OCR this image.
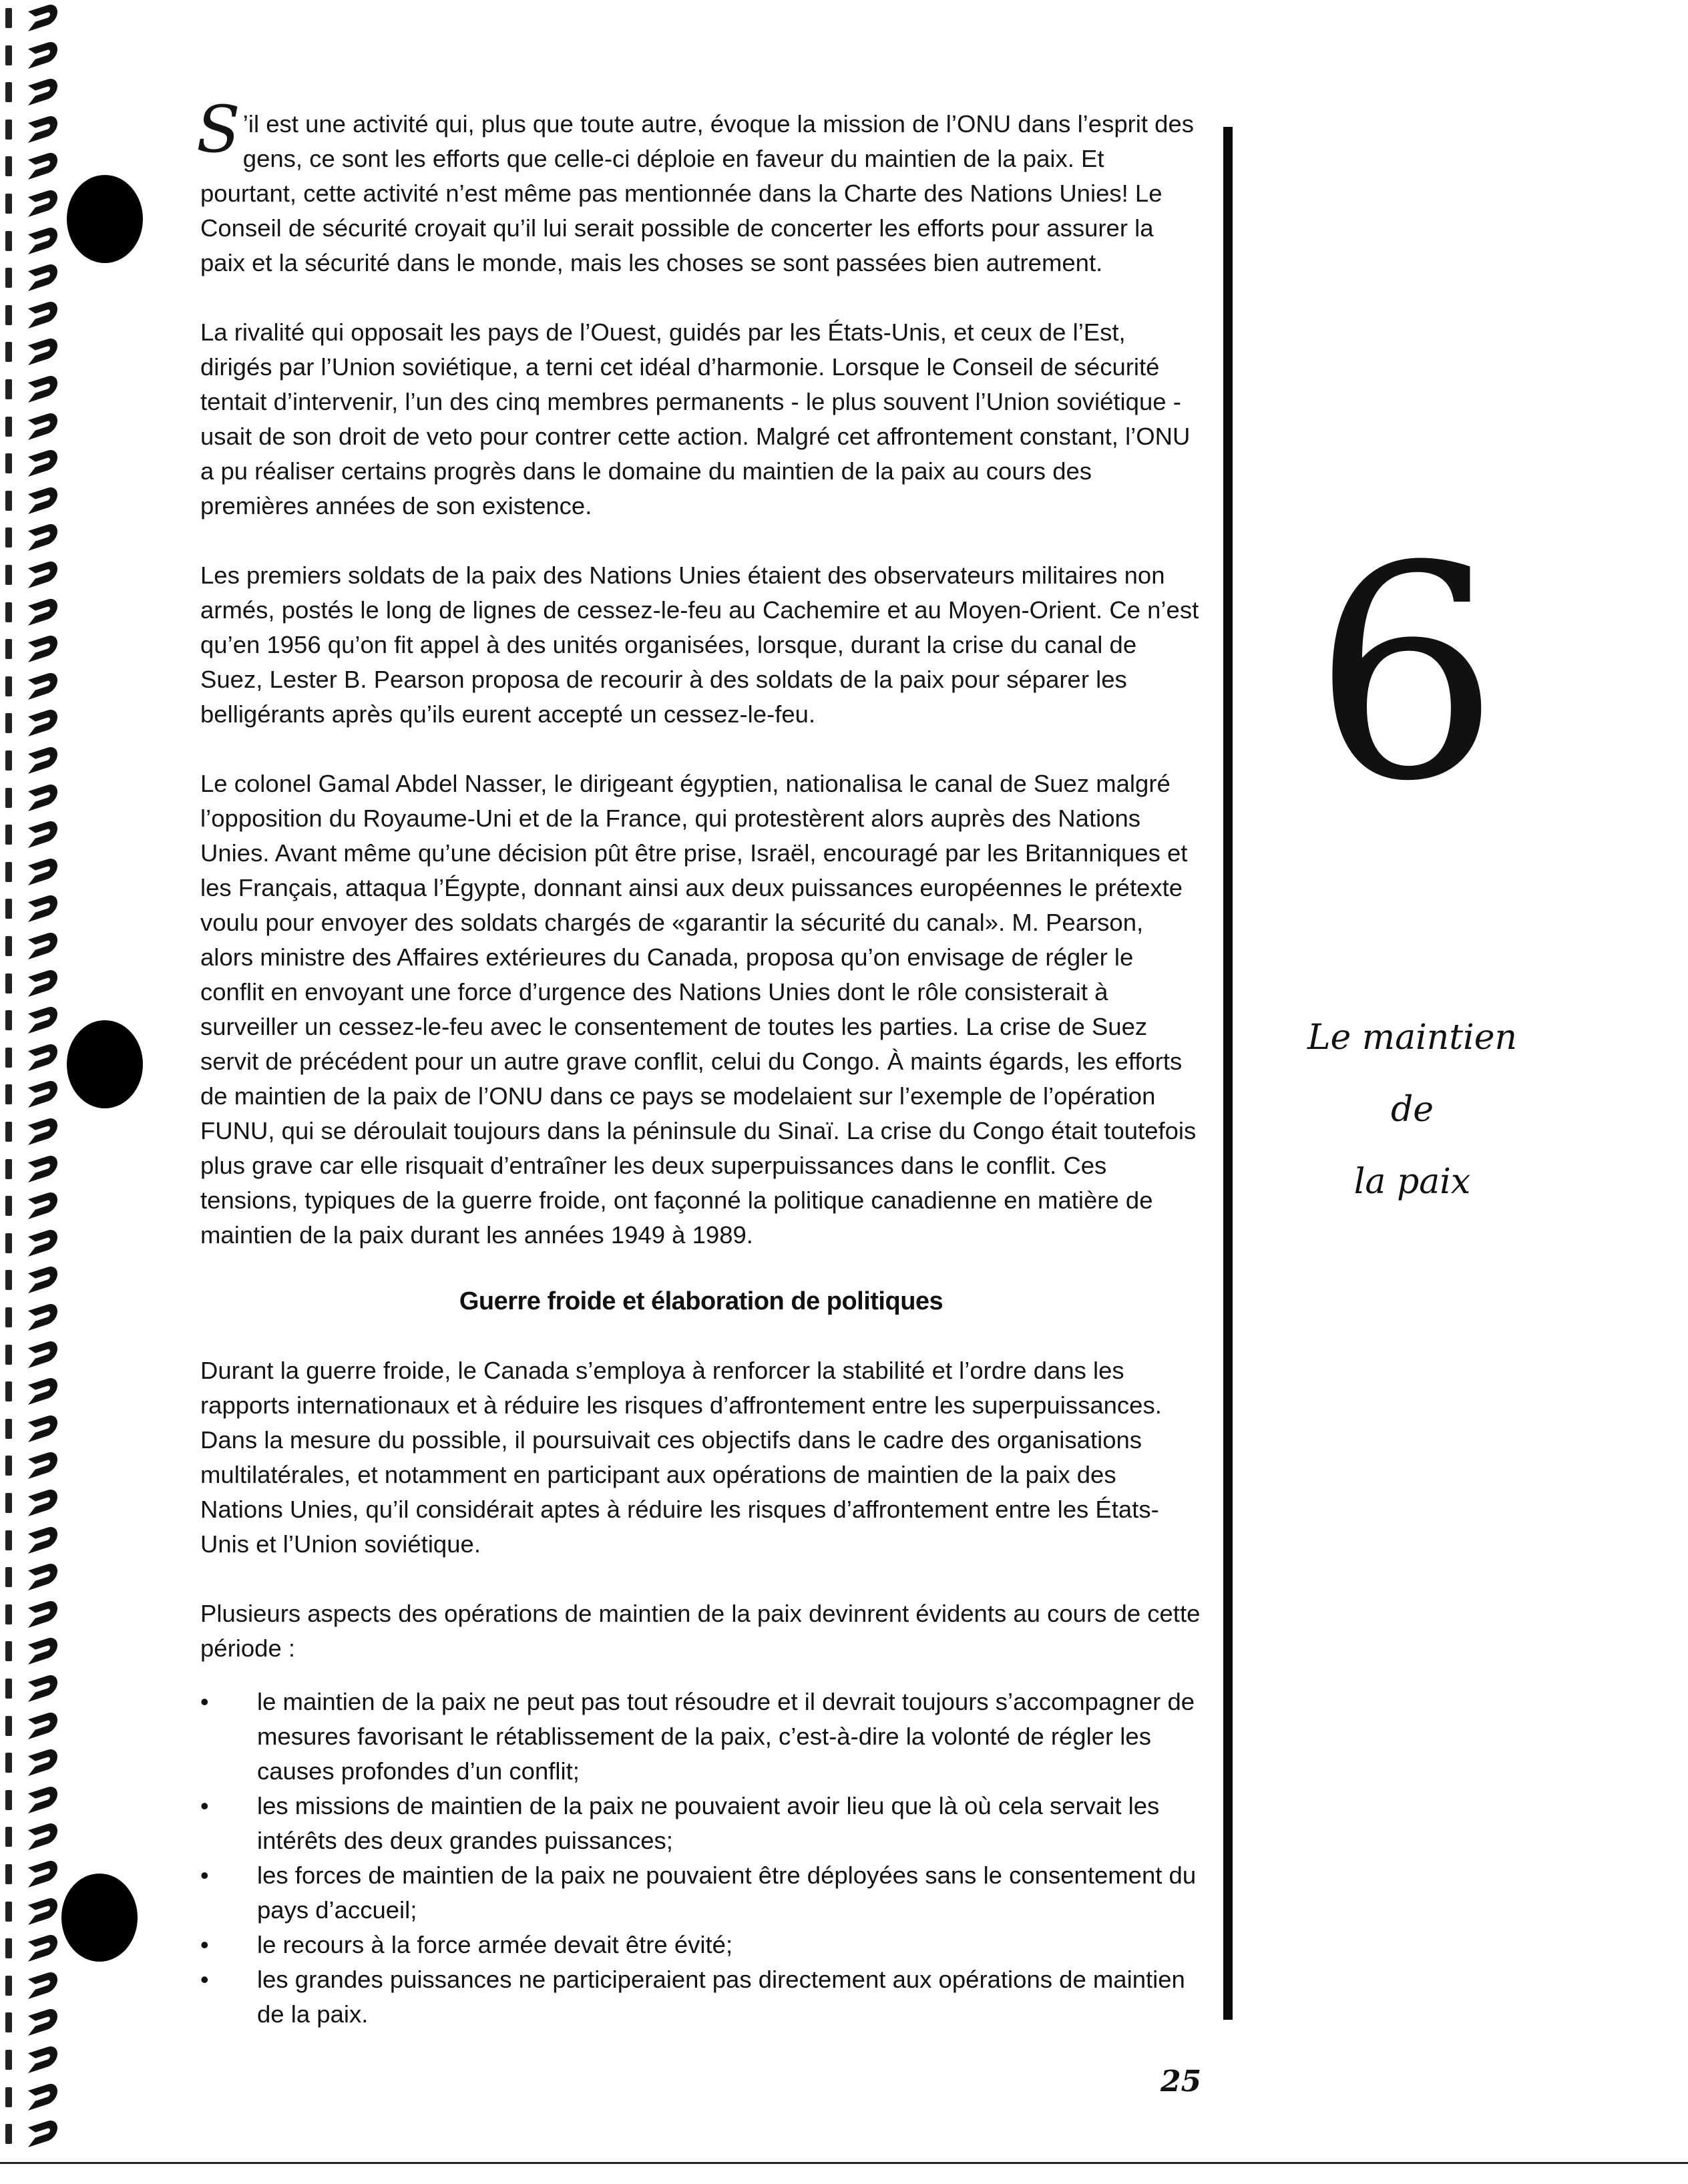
S ’il est une activité qui, plus que toute autre, évoque la mission de l’ONU dans l’esprit des gens, ce sont les efforts que celle-ci déploie en faveur du maintien de la paix. Et pourtant, cette activité n’est même pas mentionnée dans la Charte des Nations Unies! Le Conseil de sécurité croyait qu’il lui serait possible de concerter les efforts pour assurer la paix et la sécurité dans le monde, mais les choses se sont passées bien autrement.

La rivalité qui opposait les pays de l’Ouest, guidés par les États-Unis, et ceux de l’Est, dirigés par l’Union soviétique, a terni cet idéal d’harmonie. Lorsque le Conseil de sécurité tentait d’intervenir, l’un des cinq membres permanents - le plus souvent l’Union soviétique - usait de son droit de veto pour contrer cette action. Malgré cet affrontement constant, l’ONU a pu réaliser certains progrès dans le domaine du maintien de la paix au cours des premières années de son existence.

Les premiers soldats de la paix des Nations Unies étaient des observateurs militaires non armés, postés le long de lignes de cessez-le-feu au Cachemire et au Moyen-Orient. Ce n’est qu’en 1956 qu’on fit appel à des unités organisées, lorsque, durant la crise du canal de Suez, Lester B. Pearson proposa de recourir à des soldats de la paix pour séparer les belligérants après qu’ils eurent accepté un cessez-le-feu.

Le colonel Gamal Abdel Nasser, le dirigeant égyptien, nationalisa le canal de Suez malgré l’opposition du Royaume-Uni et de la France, qui protestèrent alors auprès des Nations Unies. Avant même qu’une décision pût être prise, Israël, encouragé par les Britanniques et les Français, attaqua l’Égypte, donnant ainsi aux deux puissances européennes le prétexte voulu pour envoyer des soldats chargés de «garantir la sécurité du canal». M. Pearson, alors ministre des Affaires extérieures du Canada, proposa qu’on envisage de régler le conflit en envoyant une force d’urgence des Nations Unies dont le rôle consisterait à surveiller un cessez-le-feu avec le consentement de toutes les parties. La crise de Suez servit de précédent pour un autre grave conflit, celui du Congo. À maints égards, les efforts de maintien de la paix de l’ONU dans ce pays se modelaient sur l’exemple de l’opération FUNU, qui se déroulait toujours dans la péninsule du Sinaï. La crise du Congo était toutefois plus grave car elle risquait d’entraîner les deux superpuissances dans le conflit. Ces tensions, typiques de la guerre froide, ont façonné la politique canadienne en matière de maintien de la paix durant les années 1949 à 1989.

Guerre froide et élaboration de politiques

Durant la guerre froide, le Canada s’employa à renforcer la stabilité et l’ordre dans les rapports internationaux et à réduire les risques d’affrontement entre les superpuissances. Dans la mesure du possible, il poursuivait ces objectifs dans le cadre des organisations multilatérales, et notamment en participant aux opérations de maintien de la paix des Nations Unies, qu’il considérait aptes à réduire les risques d’affrontement entre les États-Unis et l’Union soviétique.

Plusieurs aspects des opérations de maintien de la paix devinrent évidents au cours de cette période :

• le maintien de la paix ne peut pas tout résoudre et il devrait toujours s’accompagner de mesures favorisant le rétablissement de la paix, c’est-à-dire la volonté de régler les causes profondes d’un conflit;
• les missions de maintien de la paix ne pouvaient avoir lieu que là où cela servait les intérêts des deux grandes puissances;
• les forces de maintien de la paix ne pouvaient être déployées sans le consentement du pays d’accueil;
• le recours à la force armée devait être évité;
• les grandes puissances ne participeraient pas directement aux opérations de maintien de la paix.
6
Le maintien
de
la paix
25
